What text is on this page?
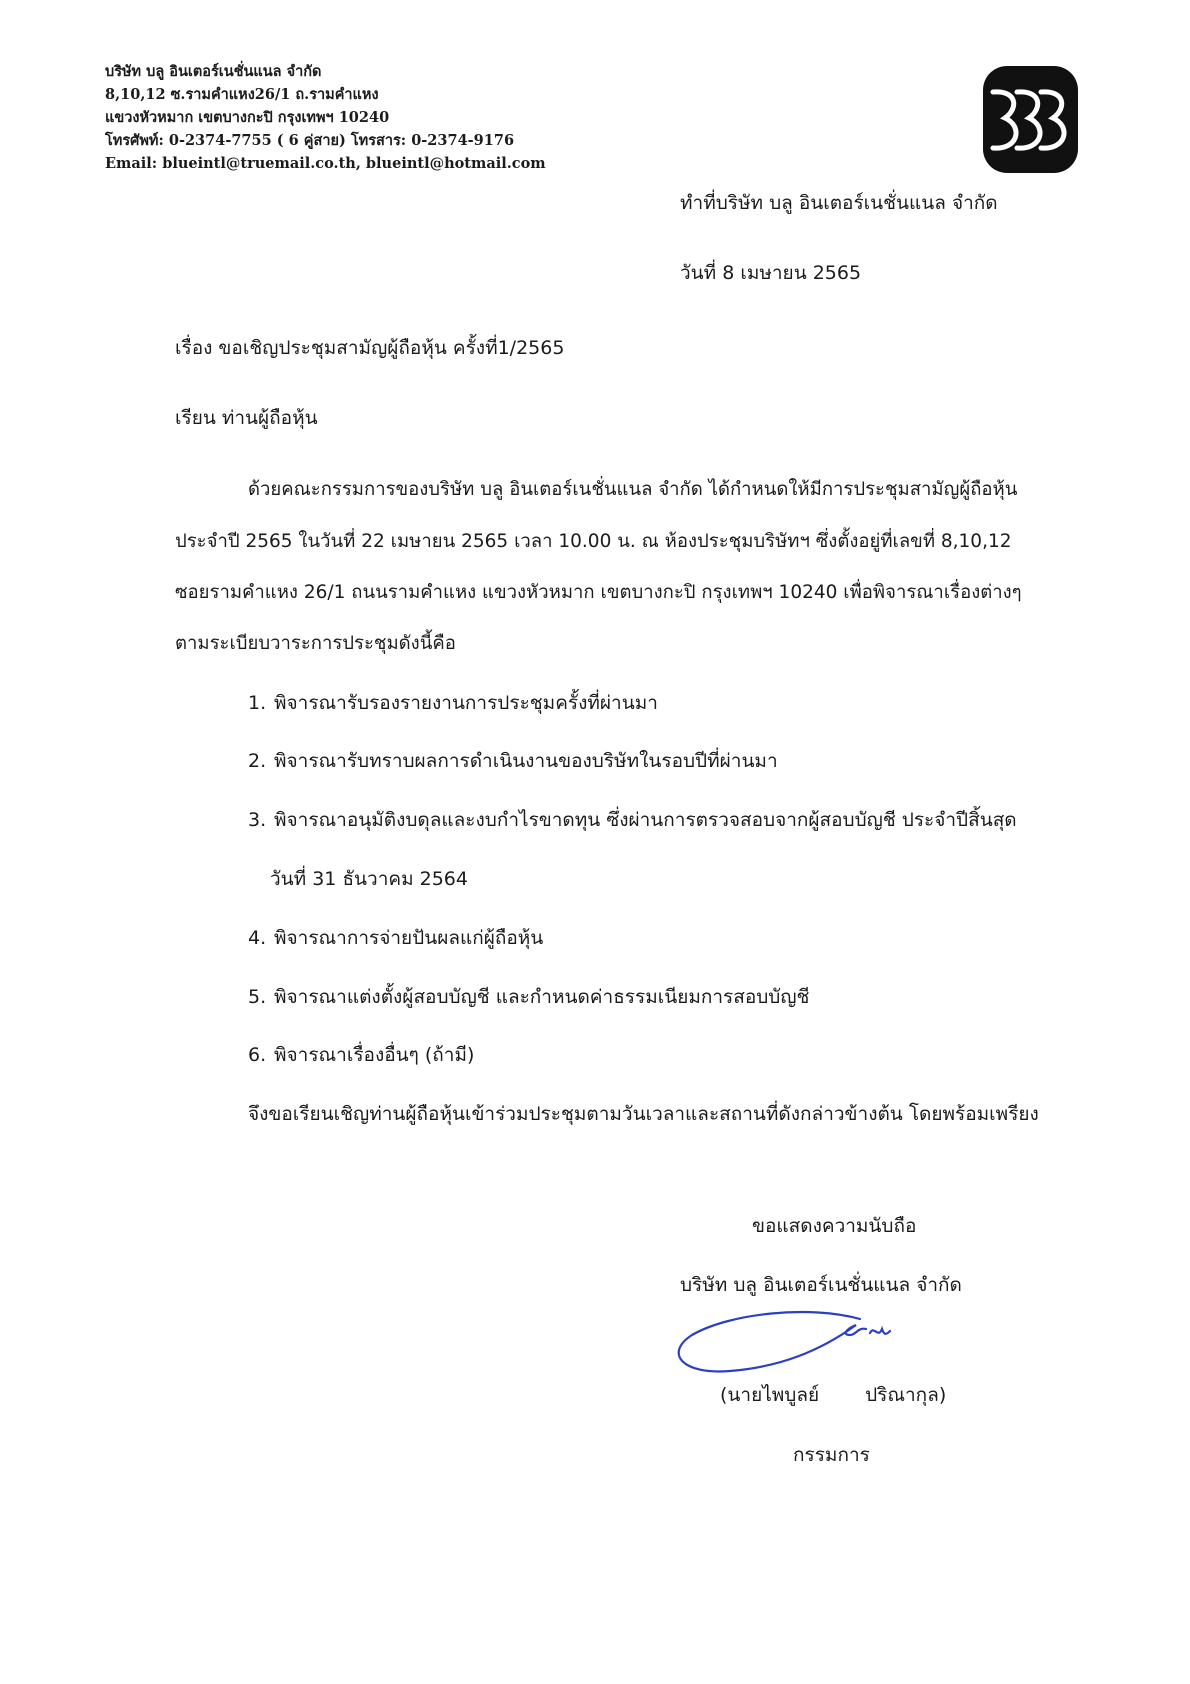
บริษัท บลู อินเตอร์เนชั่นแนล จำกัด
8,10,12 ซ.รามคำแหง26/1 ถ.รามคำแหง
แขวงหัวหมาก เขตบางกะปิ กรุงเทพฯ 10240
โทรศัพท์: 0-2374-7755 ( 6 คู่สาย) โทรสาร: 0-2374-9176
Email: blueintl@truemail.co.th, blueintl@hotmail.com
ทำที่บริษัท บลู อินเตอร์เนชั่นแนล จำกัด
วันที่ 8 เมษายน 2565
เรื่อง ขอเชิญประชุมสามัญผู้ถือหุ้น ครั้งที่1/2565
เรียน ท่านผู้ถือหุ้น
ด้วยคณะกรรมการของบริษัท บลู อินเตอร์เนชั่นแนล จำกัด ได้กำหนดให้มีการประชุมสามัญผู้ถือหุ้น
ประจำปี 2565 ในวันที่ 22 เมษายน 2565 เวลา 10.00 น. ณ ห้องประชุมบริษัทฯ ซึ่งตั้งอยู่ที่เลขที่ 8,10,12
ซอยรามคำแหง 26/1 ถนนรามคำแหง แขวงหัวหมาก เขตบางกะปิ กรุงเทพฯ 10240 เพื่อพิจารณาเรื่องต่างๆ
ตามระเบียบวาระการประชุมดังนี้คือ
1. พิจารณารับรองรายงานการประชุมครั้งที่ผ่านมา
2. พิจารณารับทราบผลการดำเนินงานของบริษัทในรอบปีที่ผ่านมา
3. พิจารณาอนุมัติงบดุลและงบกำไรขาดทุน ซึ่งผ่านการตรวจสอบจากผู้สอบบัญชี ประจำปีสิ้นสุด
วันที่ 31 ธันวาคม 2564
4. พิจารณาการจ่ายปันผลแก่ผู้ถือหุ้น
5. พิจารณาแต่งตั้งผู้สอบบัญชี และกำหนดค่าธรรมเนียมการสอบบัญชี
6. พิจารณาเรื่องอื่นๆ (ถ้ามี)
จึงขอเรียนเชิญท่านผู้ถือหุ้นเข้าร่วมประชุมตามวันเวลาและสถานที่ดังกล่าวข้างต้น โดยพร้อมเพรียง
ขอแสดงความนับถือ
บริษัท บลู อินเตอร์เนชั่นแนล จำกัด
(นายไพบูลย์ ปริณากุล)
กรรมการ
